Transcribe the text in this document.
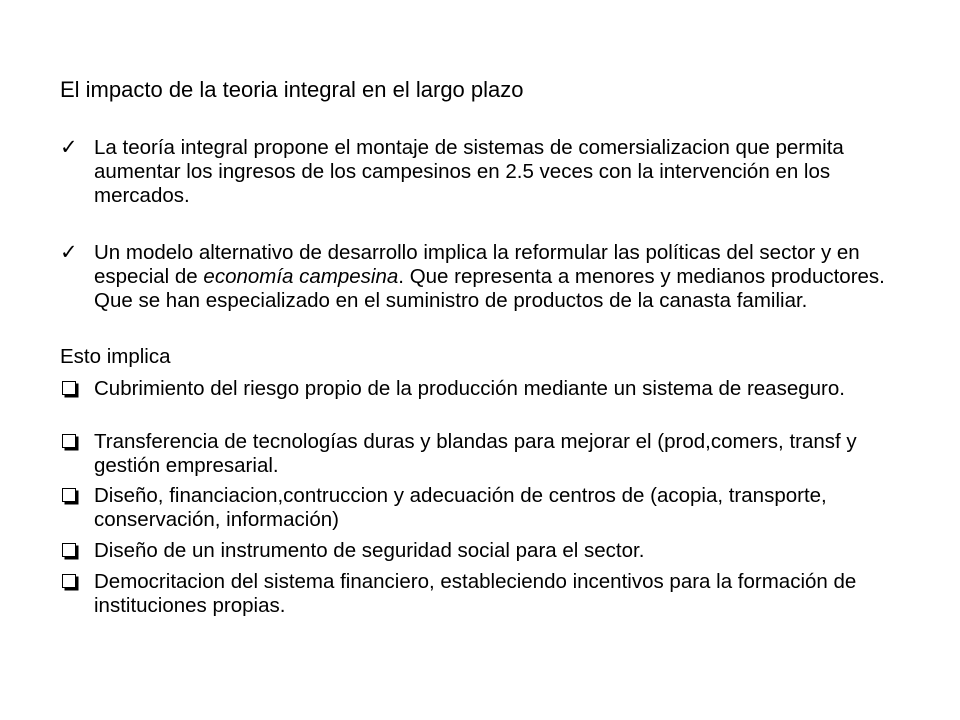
El impacto de la teoria integral en el largo plazo
✓ La teoría integral propone el montaje de sistemas de comersializacion que permita aumentar los ingresos de los campesinos en 2.5 veces con la intervención en los mercados.
✓ Un modelo alternativo de desarrollo implica la reformular las políticas del sector y en especial de economía campesina. Que representa a menores y medianos productores. Que se han especializado en el suministro de productos de la canasta familiar.
Esto implica
Cubrimiento del riesgo propio de la producción mediante un sistema de reaseguro.
Transferencia de tecnologías duras y blandas para mejorar el (prod,comers, transf y gestión empresarial.
Diseño, financiacion,contruccion y adecuación de centros de (acopia, transporte, conservación, información)
Diseño de un instrumento de seguridad social para el sector.
Democritacion del sistema financiero, estableciendo incentivos para la formación de instituciones propias.
